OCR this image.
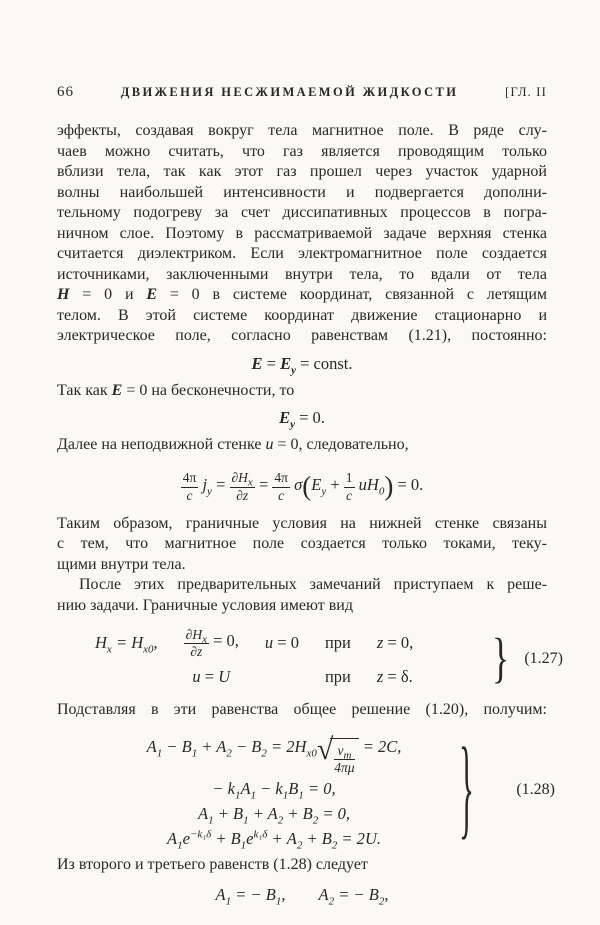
66	ДВИЖЕНИЯ НЕСЖИМАЕМОЙ ЖИДКОСТИ	[ГЛ. II
эффекты, создавая вокруг тела магнитное поле. В ряде слу-
чаев можно считать, что газ является проводящим только
вблизи тела, так как этот газ прошел через участок ударной
волны наибольшей интенсивности и подвергается дополни-
тельному подогреву за счет диссипативных процессов в погра-
ничном слое. Поэтому в рассматриваемой задаче верхняя стенка
считается диэлектриком. Если электромагнитное поле создается
источниками, заключенными внутри тела, то вдали от тела
H = 0 и E = 0 в системе координат, связанной с летящим
телом. В этой системе координат движение стационарно и
электрическое поле, согласно равенствам (1.21), постоянно:
$E = E_y$ = const.
Так как E = 0 на бесконечности, то
$E_y = 0$.
Далее на неподвижной стенке u = 0, следовательно,
$\frac{4\pi}{c} j_y = \frac{\partial H_x}{\partial z} = \frac{4\pi}{c} \sigma(E_y + \frac{1}{c} uH_0) = 0$.
Таким образом, граничные условия на нижней стенке связаны
с тем, что магнитное поле создается только токами, теку-
щими внутри тела.
После этих предварительных замечаний приступаем к реше-
нию задачи. Граничные условия имеют вид
$H_x = H_{x0}$,	$\frac{\partial H_x}{\partial z} = 0$,	u = 0	при	z = 0,
u = U	при	z = δ.	} (1.27)
Подставляя в эти равенства общее решение (1.20), получим:
$A_1 - B_1 + A_2 - B_2 = 2H_{x0}√ \frac{\nu_m}{4\pi\mu} = 2C$,
− $k_1A_1 - k_1B_1 = 0$,
$A_1 + B_1 + A_2 + B_2 = 0$,
$A_1e^{-k_1\delta} + B_1e^{k_1\delta} + A_2 + B_2 = 2U$.	}	(1.28)
Из второго и третьего равенств (1.28) следует
$A_1$ = − $B_1$,  $A_2$ = − $B_2$,
